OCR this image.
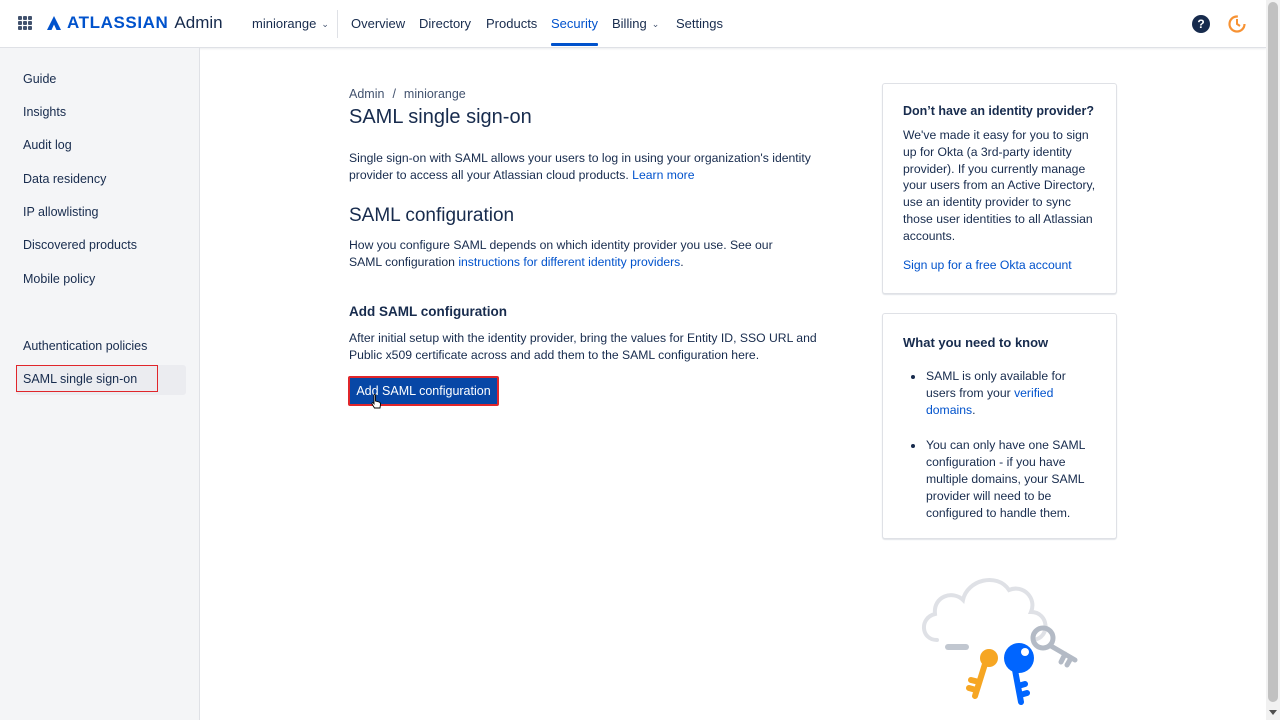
ATLASSIAN Admin miniorange ⌄ Overview Directory Products Security Billing ⌄ Settings	?
Guide
Insights
Audit log
Data residency
IP allowlisting
Discovered products
Mobile policy
Authentication policies
SAML single sign-on
Admin / miniorange
SAML single sign-on
Single sign-on with SAML allows your users to log in using your organization's identity provider to access all your Atlassian cloud products. Learn more
SAML configuration
How you configure SAML depends on which identity provider you use. See our SAML configuration instructions for different identity providers.
Add SAML configuration
After initial setup with the identity provider, bring the values for Entity ID, SSO URL and Public x509 certificate across and add them to the SAML configuration here.
Add SAML configuration
Don’t have an identity provider?
We've made it easy for you to sign up for Okta (a 3rd-party identity provider). If you currently manage your users from an Active Directory, use an identity provider to sync those user identities to all Atlassian accounts.
Sign up for a free Okta account
What you need to know
SAML is only available for users from your verified domains.
You can only have one SAML configuration - if you have multiple domains, your SAML provider will need to be configured to handle them.
